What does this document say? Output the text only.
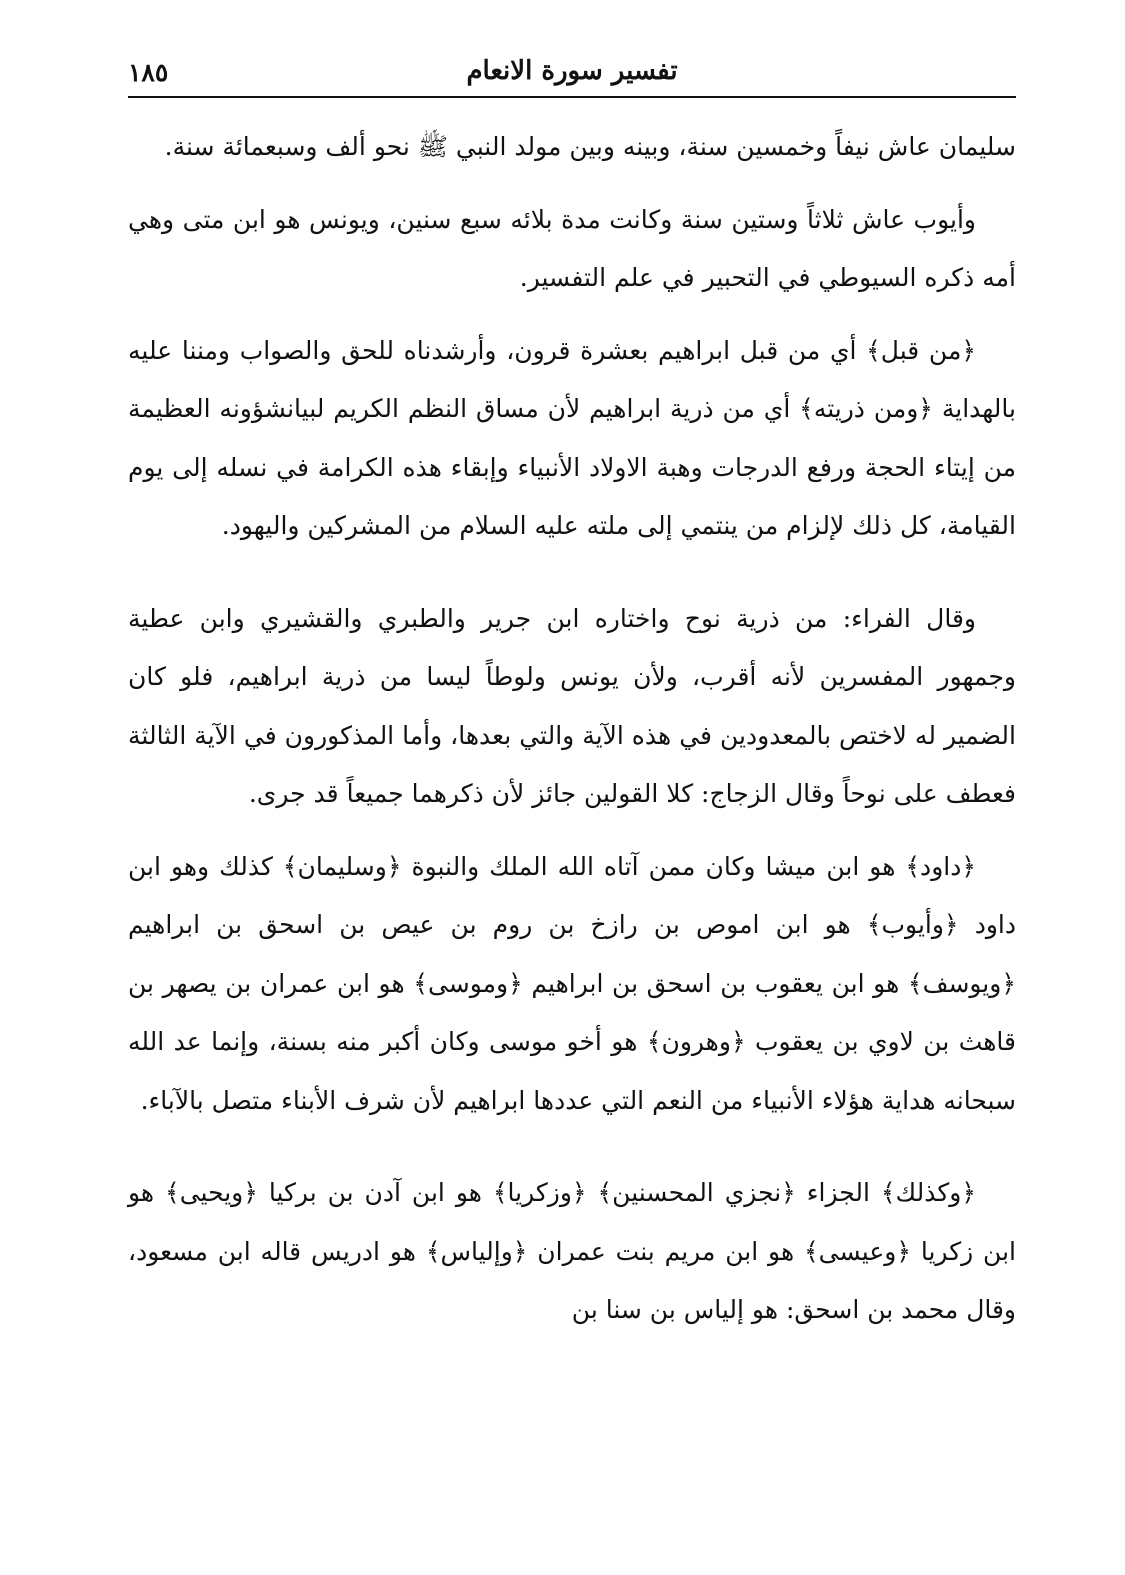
تفسير سورة الانعام
١٨٥

سليمان عاش نيفاً وخمسين سنة، وبينه وبين مولد النبي ﷺ نحو ألف وسبعمائة سنة.

وأيوب عاش ثلاثاً وستين سنة وكانت مدة بلائه سبع سنين، ويونس هو ابن متى وهي أمه ذكره السيوطي في التحبير في علم التفسير.

﴿من قبل﴾ أي من قبل ابراهيم بعشرة قرون، وأرشدناه للحق والصواب ومننا عليه بالهداية ﴿ومن ذريته﴾ أي من ذرية ابراهيم لأن مساق النظم الكريم لبيانشؤونه العظيمة من إيتاء الحجة ورفع الدرجات وهبة الاولاد الأنبياء وإبقاء هذه الكرامة في نسله إلى يوم القيامة، كل ذلك لإلزام من ينتمي إلى ملته عليه السلام من المشركين واليهود.

وقال الفراء: من ذرية نوح واختاره ابن جرير والطبري والقشيري وابن عطية وجمهور المفسرين لأنه أقرب، ولأن يونس ولوطاً ليسا من ذرية ابراهيم، فلو كان الضمير له لاختص بالمعدودين في هذه الآية والتي بعدها، وأما المذكورون في الآية الثالثة فعطف على نوحاً وقال الزجاج: كلا القولين جائز لأن ذكرهما جميعاً قد جرى.

﴿داود﴾ هو ابن ميشا وكان ممن آتاه الله الملك والنبوة ﴿وسليمان﴾ كذلك وهو ابن داود ﴿وأيوب﴾ هو ابن اموص بن رازخ بن روم بن عيص بن اسحق بن ابراهيم ﴿ويوسف﴾ هو ابن يعقوب بن اسحق بن ابراهيم ﴿وموسى﴾ هو ابن عمران بن يصهر بن قاهث بن لاوي بن يعقوب ﴿وهرون﴾ هو أخو موسى وكان أكبر منه بسنة، وإنما عد الله سبحانه هداية هؤلاء الأنبياء من النعم التي عددها ابراهيم لأن شرف الأبناء متصل بالآباء.

﴿وكذلك﴾ الجزاء ﴿نجزي المحسنين﴾ ﴿وزكريا﴾ هو ابن آدن بن بركيا ﴿ويحيى﴾ هو ابن زكريا ﴿وعيسى﴾ هو ابن مريم بنت عمران ﴿وإلياس﴾ هو ادريس قاله ابن مسعود، وقال محمد بن اسحق: هو إلياس بن سنا بن
